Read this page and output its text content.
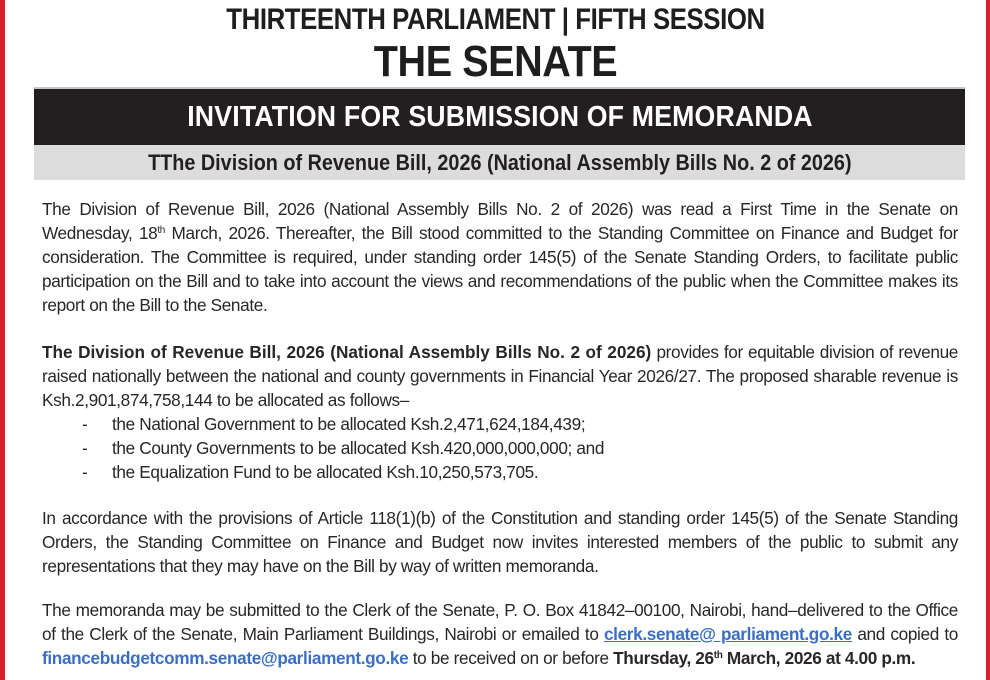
THIRTEENTH PARLIAMENT | FIFTH SESSION
THE SENATE
INVITATION FOR SUBMISSION OF MEMORANDA
TThe Division of Revenue Bill, 2026 (National Assembly Bills No. 2 of 2026)

The Division of Revenue Bill, 2026 (National Assembly Bills No. 2 of 2026) was read a First Time in the Senate on Wednesday, 18th March, 2026. Thereafter, the Bill stood committed to the Standing Committee on Finance and Budget for consideration. The Committee is required, under standing order 145(5) of the Senate Standing Orders, to facilitate public participation on the Bill and to take into account the views and recommendations of the public when the Committee makes its report on the Bill to the Senate.

The Division of Revenue Bill, 2026 (National Assembly Bills No. 2 of 2026) provides for equitable division of revenue raised nationally between the national and county governments in Financial Year 2026/27. The proposed sharable revenue is Ksh.2,901,874,758,144 to be allocated as follows–

- the National Government to be allocated Ksh.2,471,624,184,439;
- the County Governments to be allocated Ksh.420,000,000,000; and
- the Equalization Fund to be allocated Ksh.10,250,573,705.

In accordance with the provisions of Article 118(1)(b) of the Constitution and standing order 145(5) of the Senate Standing Orders, the Standing Committee on Finance and Budget now invites interested members of the public to submit any representations that they may have on the Bill by way of written memoranda.

The memoranda may be submitted to the Clerk of the Senate, P. O. Box 41842–00100, Nairobi, hand–delivered to the Office of the Clerk of the Senate, Main Parliament Buildings, Nairobi or emailed to clerk.senate@ parliament.go.ke and copied to financebudgetcomm.senate@parliament.go.ke to be received on or before Thursday, 26th March, 2026 at 4.00 p.m.
